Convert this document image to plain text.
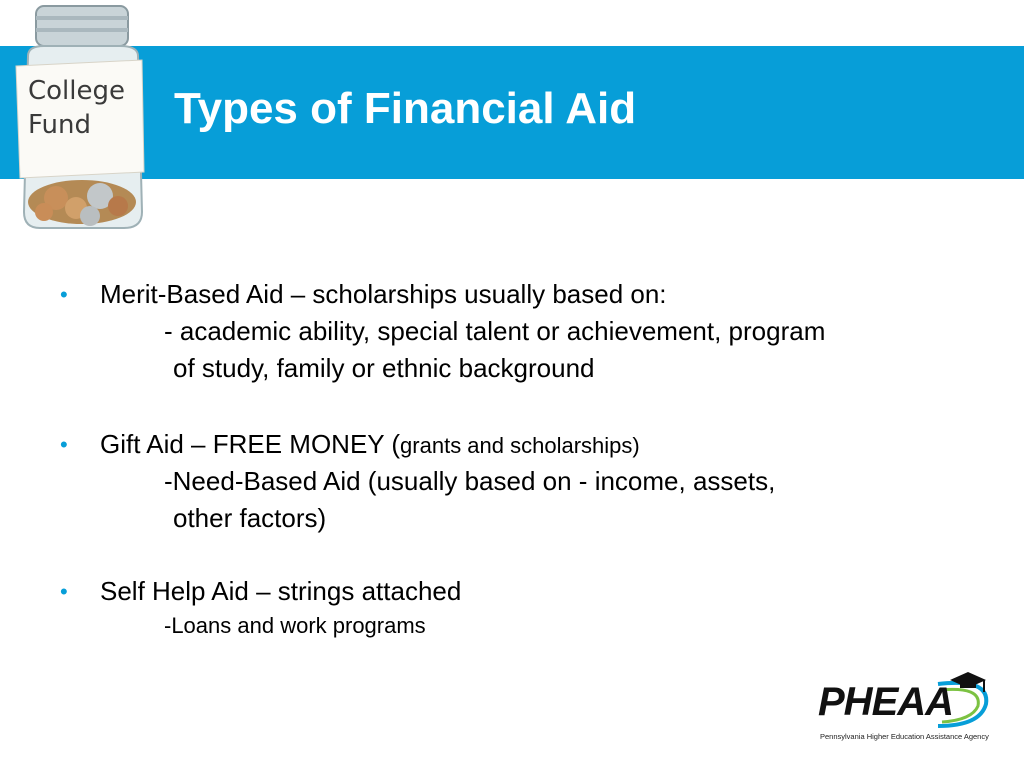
College
Fund	Types of Financial Aid
• Merit-Based Aid – scholarships usually based on:
- academic ability, special talent or achievement, program
of study, family or ethnic background
• Gift Aid – FREE MONEY (grants and scholarships)
-Need-Based Aid (usually based on - income, assets,
other factors)
• Self Help Aid – strings attached
-Loans and work programs
PHEAA
Pennsylvania Higher Education Assistance Agency
